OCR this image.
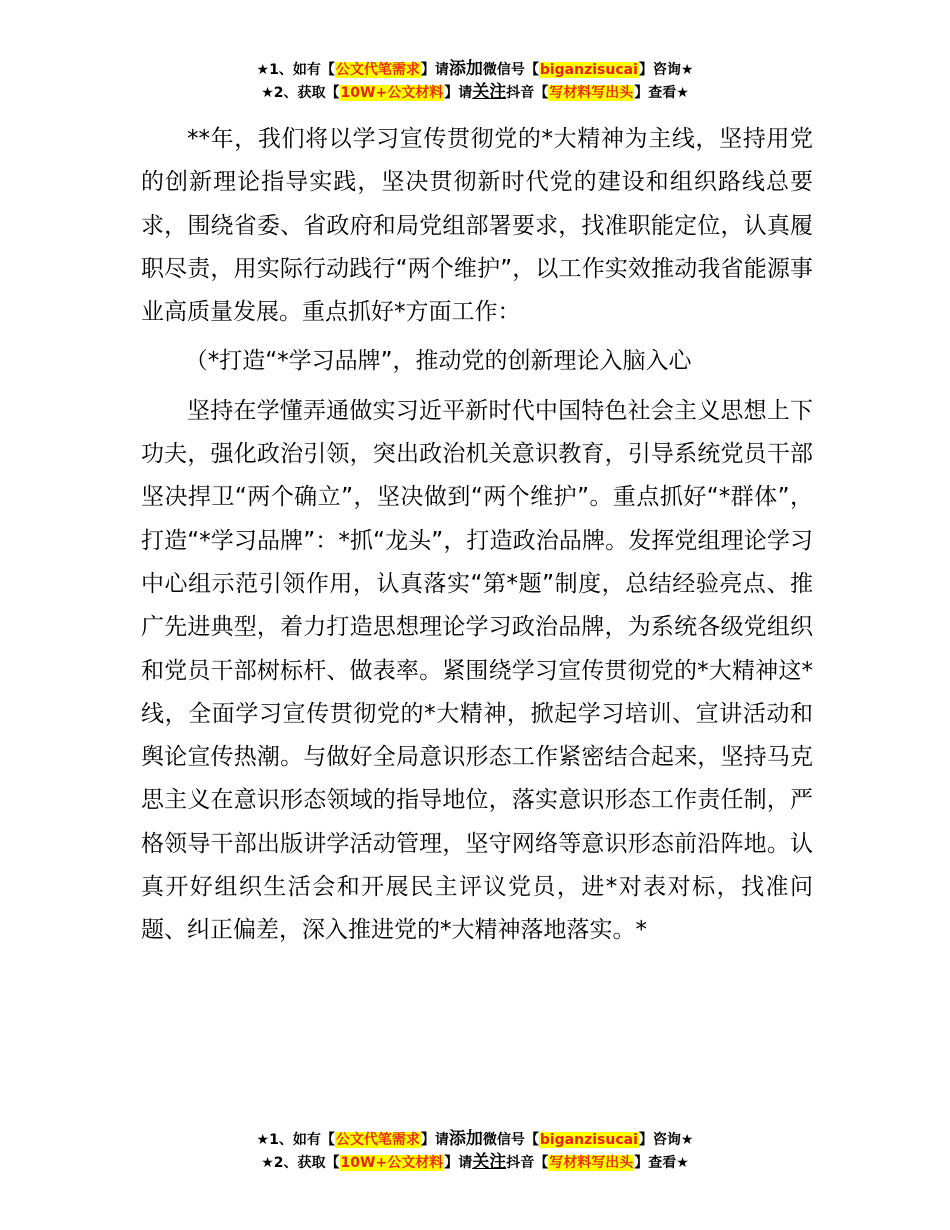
★1、如有【公文代笔需求】请添加微信号【biganzisucai】咨询★
★2、获取【10W+公文材料】请关注抖音【写材料写出头】查看★

**年，我们将以学习宣传贯彻党的*大精神为主线，坚持用党的创新理论指导实践，坚决贯彻新时代党的建设和组织路线总要求，围绕省委、省政府和局党组部署要求，找准职能定位，认真履职尽责，用实际行动践行“两个维护”，以工作实效推动我省能源事业高质量发展。重点抓好*方面工作：

（*打造“*学习品牌”，推动党的创新理论入脑入心

坚持在学懂弄通做实习近平新时代中国特色社会主义思想上下功夫，强化政治引领，突出政治机关意识教育，引导系统党员干部坚决捍卫“两个确立”，坚决做到“两个维护”。重点抓好“*群体”，打造“*学习品牌”：*抓“龙头”，打造政治品牌。发挥党组理论学习中心组示范引领作用，认真落实“第*题”制度，总结经验亮点、推广先进典型，着力打造思想理论学习政治品牌，为系统各级党组织和党员干部树标杆、做表率。紧围绕学习宣传贯彻党的*大精神这*线，全面学习宣传贯彻党的*大精神，掀起学习培训、宣讲活动和舆论宣传热潮。与做好全局意识形态工作紧密结合起来，坚持马克思主义在意识形态领域的指导地位，落实意识形态工作责任制，严格领导干部出版讲学活动管理，坚守网络等意识形态前沿阵地。认真开好组织生活会和开展民主评议党员，进*对表对标，找准问题、纠正偏差，深入推进党的*大精神落地落实。*

★1、如有【公文代笔需求】请添加微信号【biganzisucai】咨询★
★2、获取【10W+公文材料】请关注抖音【写材料写出头】查看★
